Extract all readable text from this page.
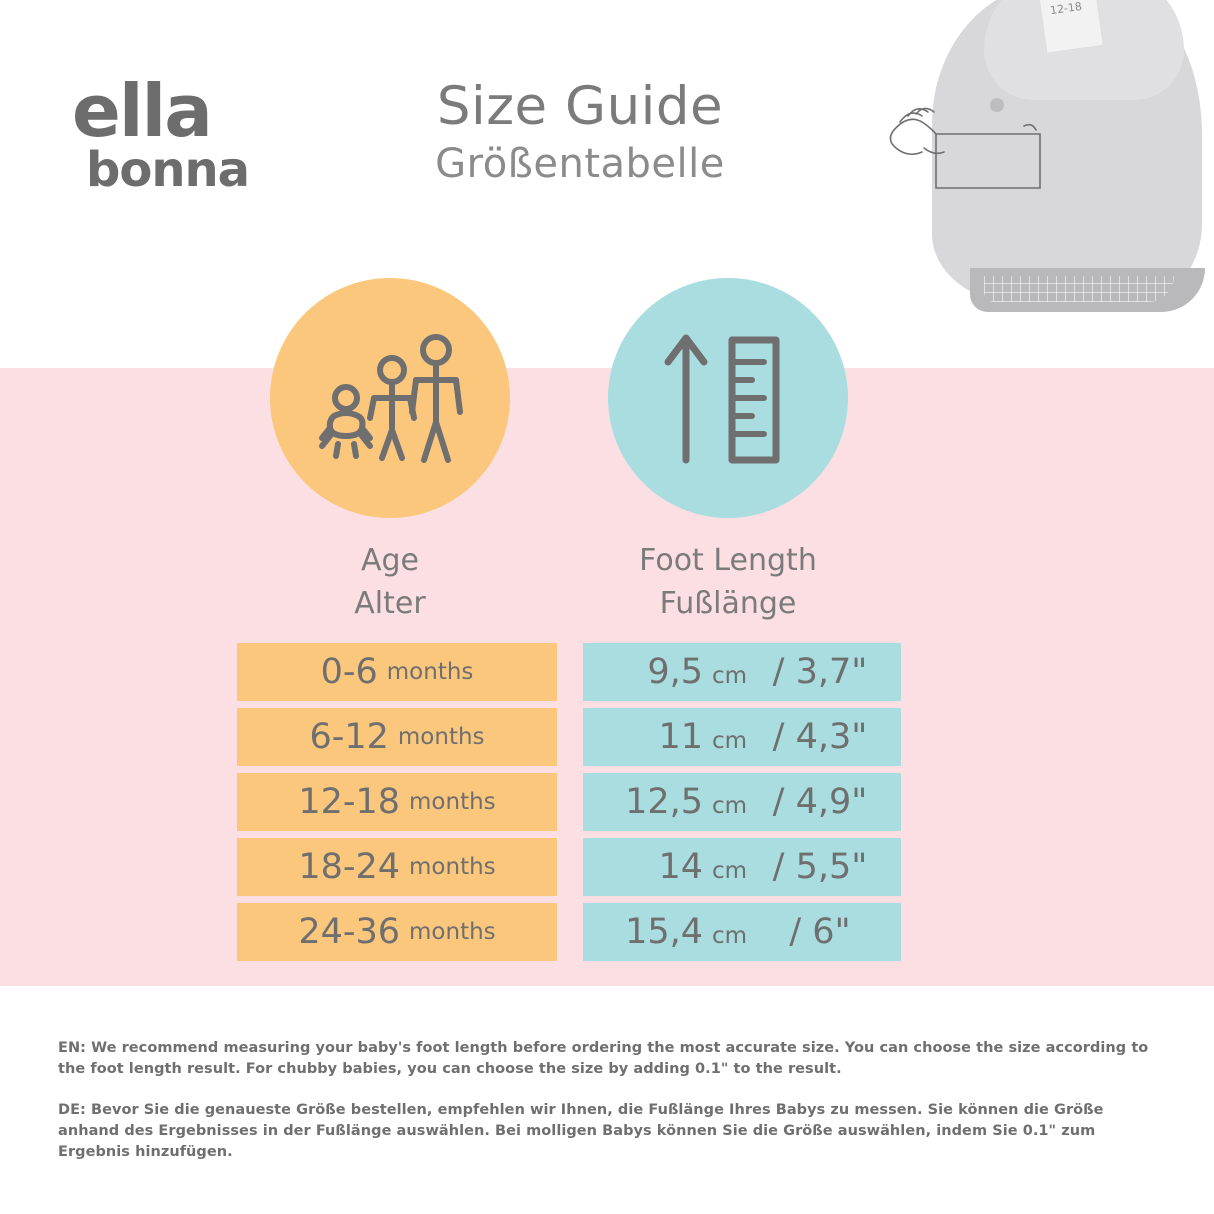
ella
bonna
Size Guide
Größentabelle
12-18
Age
Alter
Foot Length
Fußlänge
0-6 months
6-12 months
12-18 months
18-24 months
24-36 months
9,5 cm / 3,7"
11 cm / 4,3"
12,5 cm / 4,9"
14 cm / 5,5"
15,4 cm	/ 6"
EN: We recommend measuring your baby's foot length before ordering the most accurate size. You can choose the size according to the foot length result. For chubby babies, you can choose the size by adding 0.1" to the result.
DE: Bevor Sie die genaueste Größe bestellen, empfehlen wir Ihnen, die Fußlänge Ihres Babys zu messen. Sie können die Größe anhand des Ergebnisses in der Fußlänge auswählen. Bei molligen Babys können Sie die Größe auswählen, indem Sie 0.1" zum Ergebnis hinzufügen.
